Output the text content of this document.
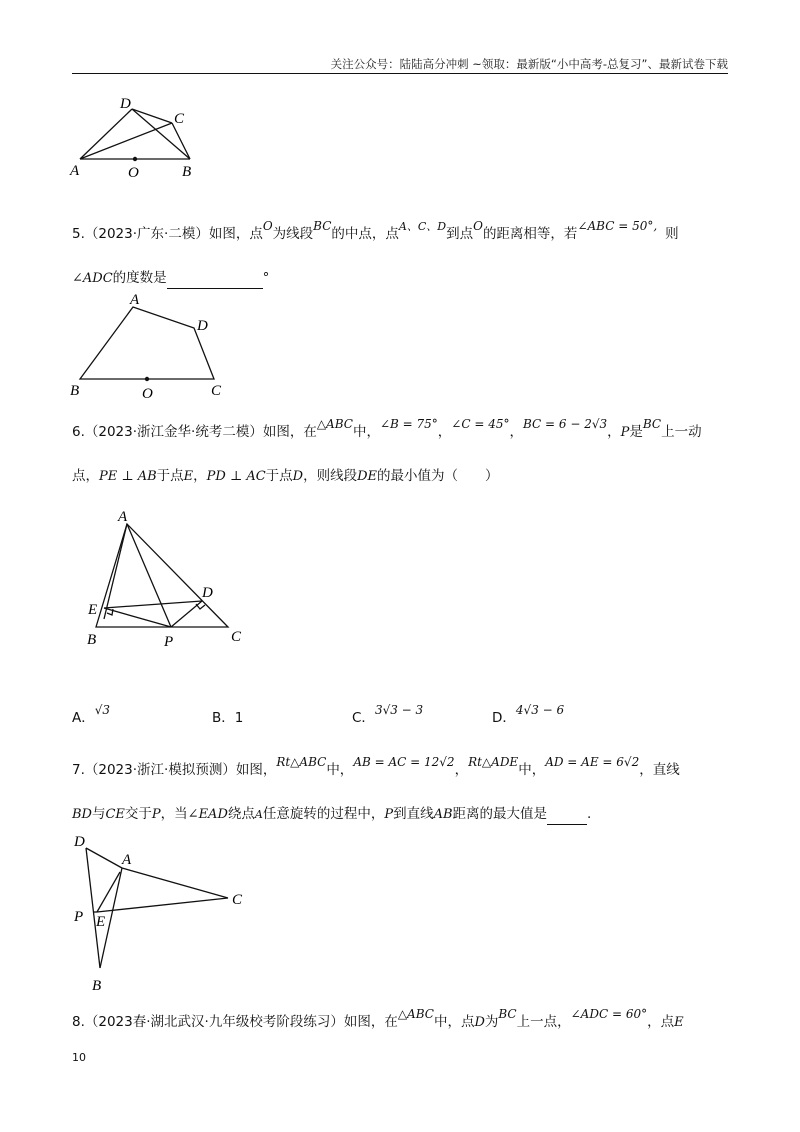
关注公众号：陆陆高分冲刺 ~领取：最新版“小中高考-总复习”、最新试卷下载
D
C
A	O	B
5.（2023·广东·二模）如图，点O为线段BC的中点，点$^{A、C、D}$到点O的距离相等，若∠ABC = 50°, 则
∠ADC的度数是	°
A
D
B	O	C
6.（2023·浙江金华·统考二模）如图，在△ABC中，∠B = 75°，∠C = 45°，BC = 6 − 2√3，P是BC上一动
点，PE ⊥ AB于点E，PD ⊥ AC于点D，则线段DE的最小值为（　　）
A
D
E
B	P	C
A．√3	B．1	C．3√3 − 3	D．4√3 − 6
7.（2023·浙江·模拟预测）如图，Rt△ABC中，AB = AC = 12√2，Rt△ADE中，AD = AE = 6√2，直线
BD与CE交于P，当∠EAD绕点A任意旋转的过程中，P到直线AB距离的最大值是	.
D
A
C
P E
B
8.（2023春·湖北武汉·九年级校考阶段练习）如图，在△ABC中，点D为BC上一点，∠ADC = 60°，点E
10
